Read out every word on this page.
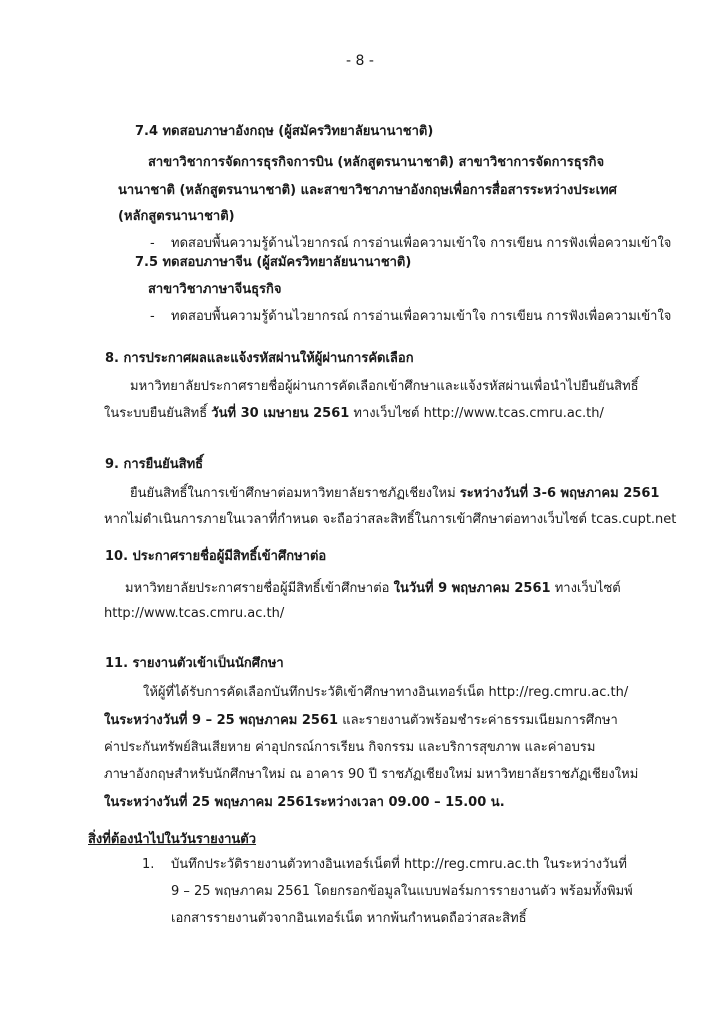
- 8 -
7.4 ทดสอบภาษาอังกฤษ (ผู้สมัครวิทยาลัยนานาชาติ)
สาขาวิชาการจัดการธุรกิจการบิน (หลักสูตรนานาชาติ) สาขาวิชาการจัดการธุรกิจ
นานาชาติ (หลักสูตรนานาชาติ) และสาขาวิชาภาษาอังกฤษเพื่อการสื่อสารระหว่างประเทศ
(หลักสูตรนานาชาติ)
- ทดสอบพื้นความรู้ด้านไวยากรณ์ การอ่านเพื่อความเข้าใจ การเขียน การฟังเพื่อความเข้าใจ
7.5 ทดสอบภาษาจีน (ผู้สมัครวิทยาลัยนานาชาติ)
สาขาวิชาภาษาจีนธุรกิจ
- ทดสอบพื้นความรู้ด้านไวยากรณ์ การอ่านเพื่อความเข้าใจ การเขียน การฟังเพื่อความเข้าใจ
8. การประกาศผลและแจ้งรหัสผ่านให้ผู้ผ่านการคัดเลือก
มหาวิทยาลัยประกาศรายชื่อผู้ผ่านการคัดเลือกเข้าศึกษาและแจ้งรหัสผ่านเพื่อนำไปยืนยันสิทธิ์
ในระบบยืนยันสิทธิ์ วันที่ 30 เมษายน 2561 ทางเว็บไซต์ http://www.tcas.cmru.ac.th/
9. การยืนยันสิทธิ์
ยืนยันสิทธิ์ในการเข้าศึกษาต่อมหาวิทยาลัยราชภัฏเชียงใหม่ ระหว่างวันที่ 3-6 พฤษภาคม 2561
หากไม่ดำเนินการภายในเวลาที่กำหนด จะถือว่าสละสิทธิ์ในการเข้าศึกษาต่อทางเว็บไซต์ tcas.cupt.net
10. ประกาศรายชื่อผู้มีสิทธิ์เข้าศึกษาต่อ
มหาวิทยาลัยประกาศรายชื่อผู้มีสิทธิ์เข้าศึกษาต่อ ในวันที่ 9 พฤษภาคม 2561 ทางเว็บไซต์
http://www.tcas.cmru.ac.th/
11. รายงานตัวเข้าเป็นนักศึกษา
ให้ผู้ที่ได้รับการคัดเลือกบันทึกประวัติเข้าศึกษาทางอินเทอร์เน็ต http://reg.cmru.ac.th/
ในระหว่างวันที่ 9 – 25 พฤษภาคม 2561 และรายงานตัวพร้อมชำระค่าธรรมเนียมการศึกษา
ค่าประกันทรัพย์สินเสียหาย ค่าอุปกรณ์การเรียน กิจกรรม และบริการสุขภาพ และค่าอบรม
ภาษาอังกฤษสำหรับนักศึกษาใหม่ ณ อาคาร 90 ปี ราชภัฏเชียงใหม่ มหาวิทยาลัยราชภัฏเชียงใหม่
ในระหว่างวันที่ 25 พฤษภาคม 2561ระหว่างเวลา 09.00 – 15.00 น.
สิ่งที่ต้องนำไปในวันรายงานตัว
1. บันทึกประวัติรายงานตัวทางอินเทอร์เน็ตที่ http://reg.cmru.ac.th ในระหว่างวันที่
9 – 25 พฤษภาคม 2561 โดยกรอกข้อมูลในแบบฟอร์มการรายงานตัว พร้อมทั้งพิมพ์
เอกสารรายงานตัวจากอินเทอร์เน็ต หากพ้นกำหนดถือว่าสละสิทธิ์
